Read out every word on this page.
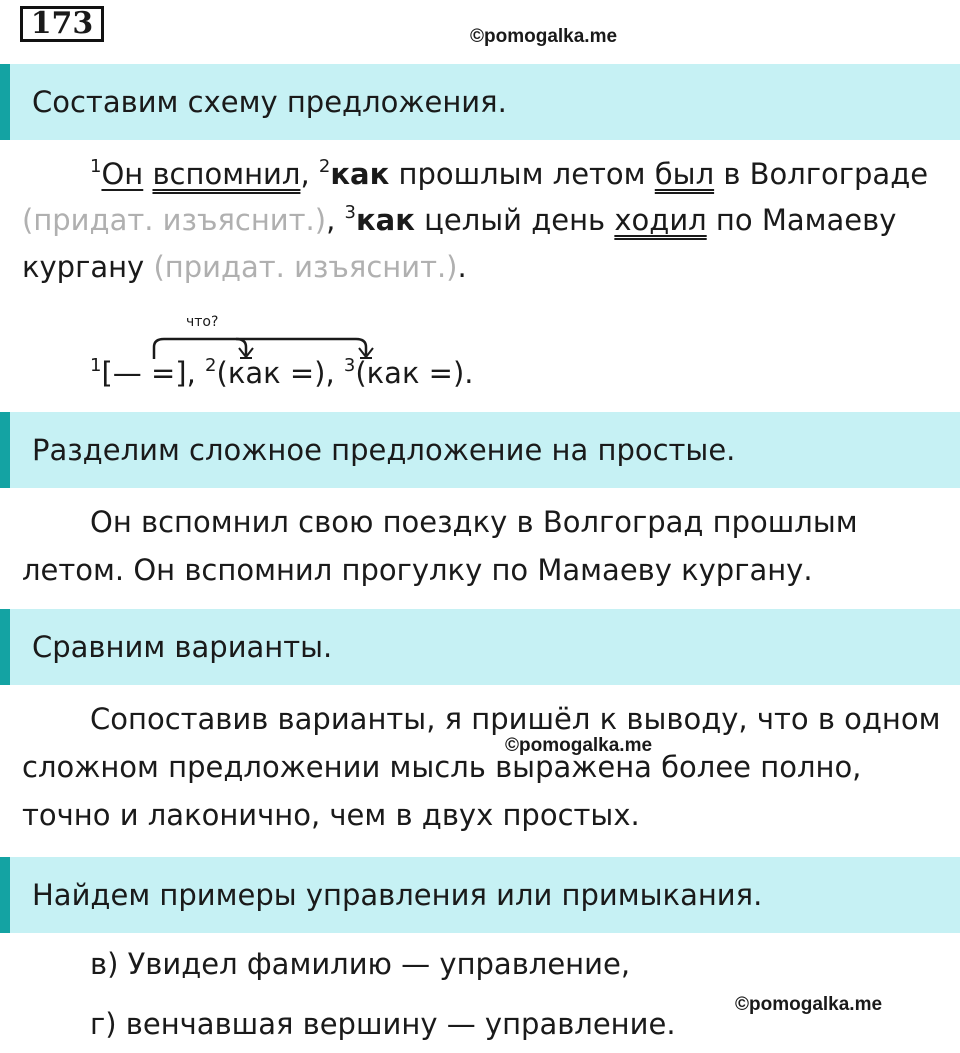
173	©pomogalka.me
Составим схему предложения.
$^1$Он вспомнил, $^2$как прошлым летом был в Волгограде
(придат. изъяснит.), $^3$как целый день ходил по Мамаеву
кургану (придат. изъяснит.).
что?
$^1$[— =], $^2$(как =), $^3$(как =).
Разделим сложное предложение на простые.
Он вспомнил свою поездку в Волгоград прошлым
летом. Он вспомнил прогулку по Мамаеву кургану.
Сравним варианты.
Сопоставив варианты, я пришёл к выводу, что в одном
©pomogalka.me
сложном предложении мысль выражена более полно,
точно и лаконично, чем в двух простых.
Найдем примеры управления или примыкания.
в) Увидел фамилию — управление,
©pomogalka.me
г) венчавшая вершину — управление.
